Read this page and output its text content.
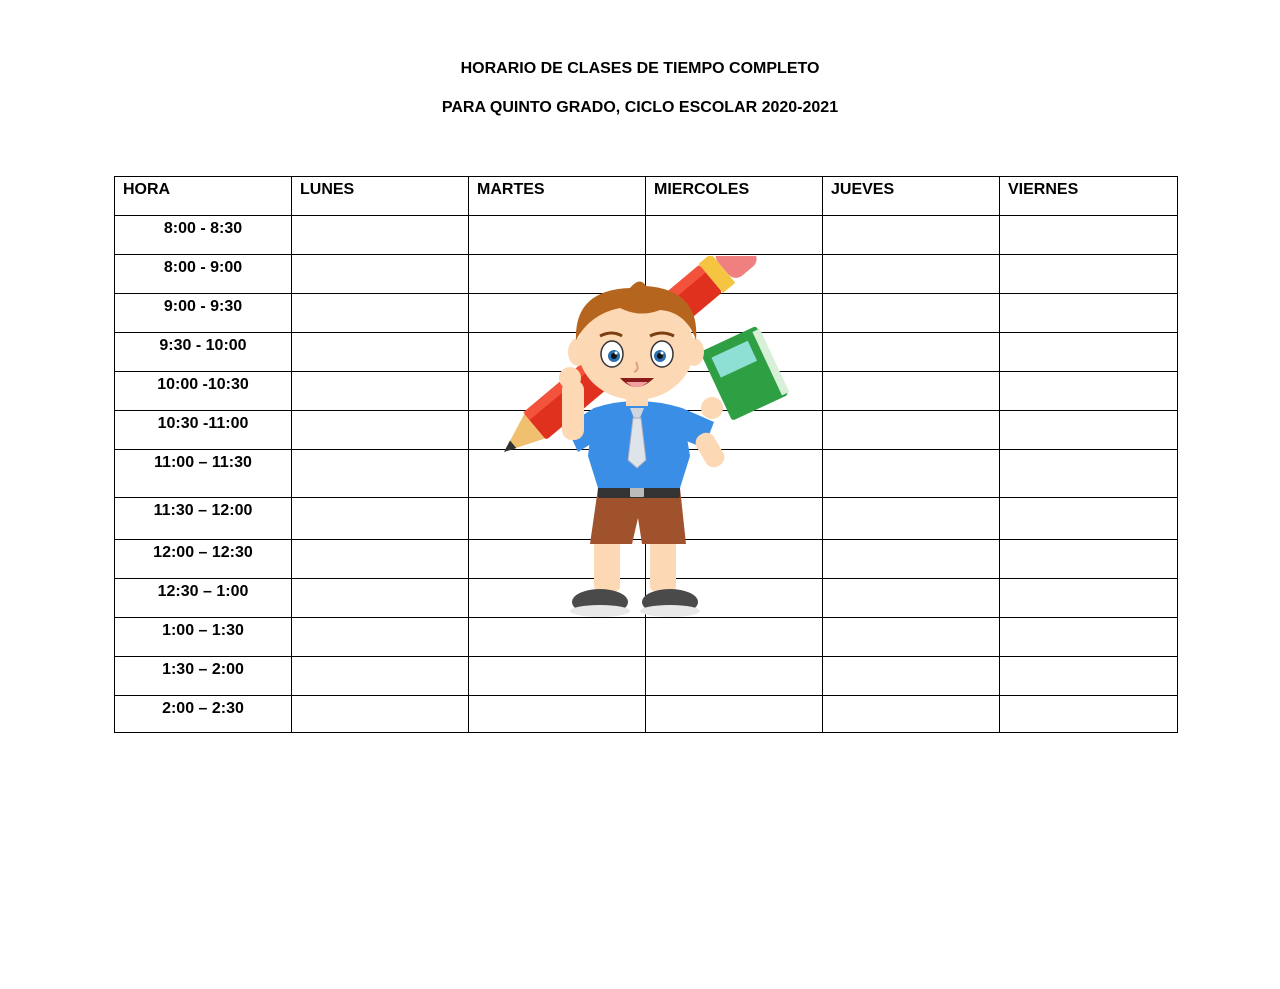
HORARIO DE CLASES DE TIEMPO COMPLETO
PARA QUINTO GRADO, CICLO ESCOLAR 2020-2021
HORA	LUNES	MARTES	MIERCOLES	JUEVES	VIERNES
8:00 - 8:30					
8:00 - 9:00					
9:00 - 9:30					
9:30 - 10:00					
10:00 -10:30					
10:30 -11:00					
11:00 – 11:30					
11:30 – 12:00					
12:00 – 12:30					
12:30 – 1:00					
1:00 – 1:30					
1:30 – 2:00					
2:00 – 2:30					
